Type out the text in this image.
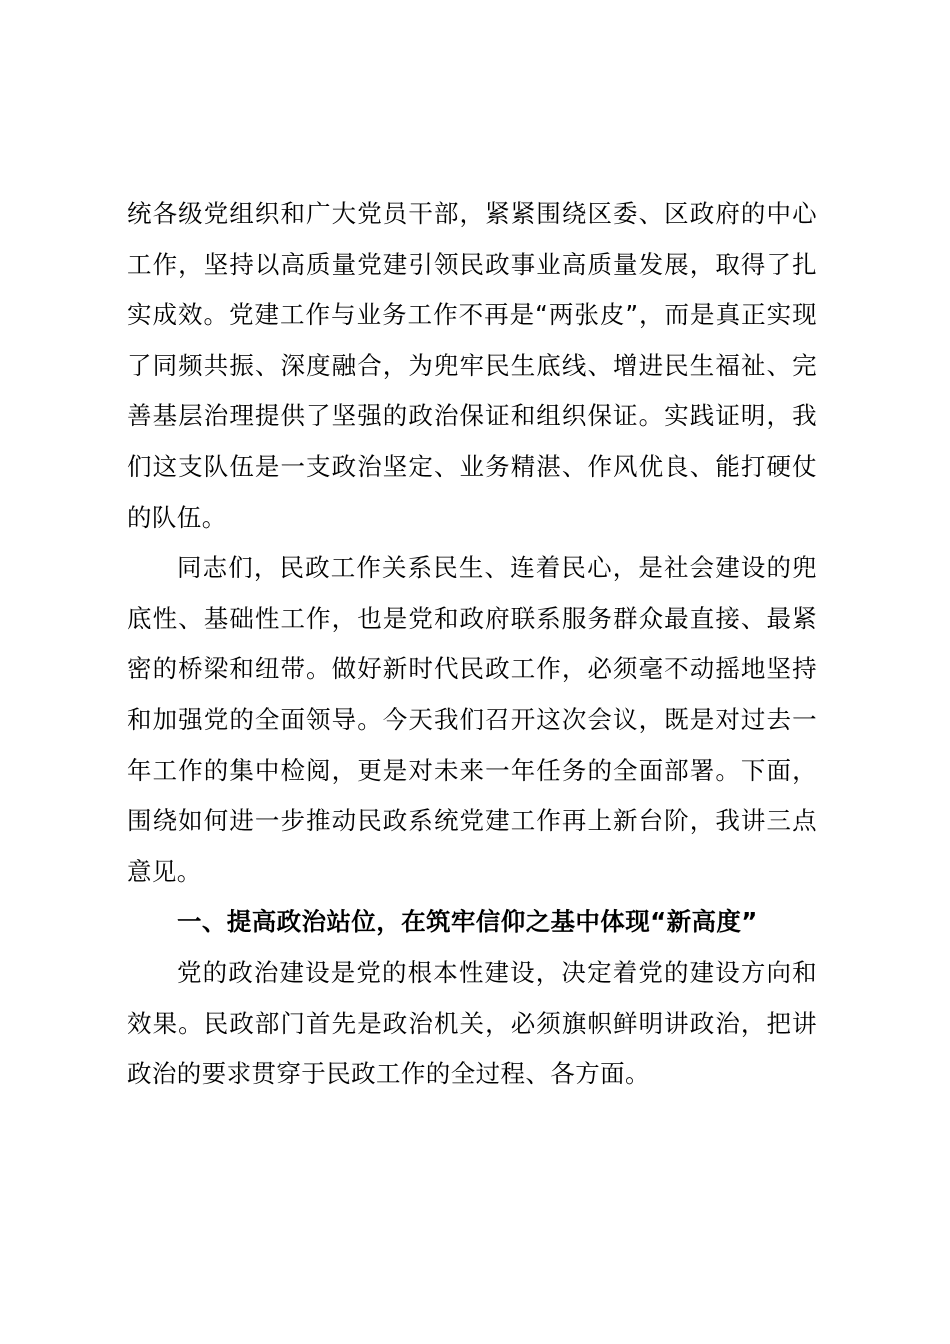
统各级党组织和广大党员干部，紧紧围绕区委、区政府的中心
工作，坚持以高质量党建引领民政事业高质量发展，取得了扎
实成效。党建工作与业务工作不再是“两张皮”，而是真正实现
了同频共振、深度融合，为兜牢民生底线、增进民生福祉、完
善基层治理提供了坚强的政治保证和组织保证。实践证明，我
们这支队伍是一支政治坚定、业务精湛、作风优良、能打硬仗
的队伍。

同志们，民政工作关系民生、连着民心，是社会建设的兜
底性、基础性工作，也是党和政府联系服务群众最直接、最紧
密的桥梁和纽带。做好新时代民政工作，必须毫不动摇地坚持
和加强党的全面领导。今天我们召开这次会议，既是对过去一
年工作的集中检阅，更是对未来一年任务的全面部署。下面，
围绕如何进一步推动民政系统党建工作再上新台阶，我讲三点
意见。

一、提高政治站位，在筑牢信仰之基中体现“新高度”

党的政治建设是党的根本性建设，决定着党的建设方向和
效果。民政部门首先是政治机关，必须旗帜鲜明讲政治，把讲
政治的要求贯穿于民政工作的全过程、各方面。
